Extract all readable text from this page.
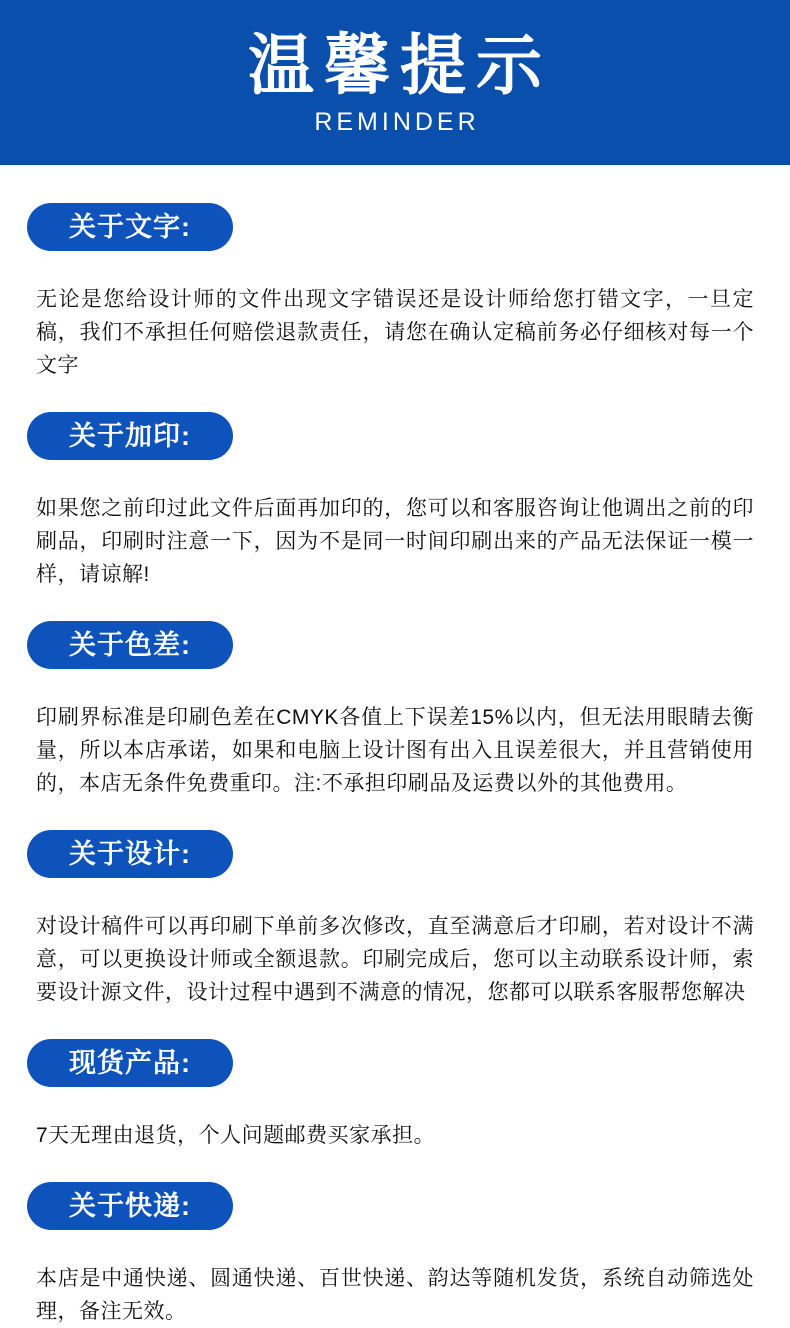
温馨提示
REMINDER
关于文字:

无论是您给设计师的文件出现文字错误还是设计师给您打错文字，一旦定稿，我们不承担任何赔偿退款责任，请您在确认定稿前务必仔细核对每一个文字

关于加印:

如果您之前印过此文件后面再加印的，您可以和客服咨询让他调出之前的印刷品，印刷时注意一下，因为不是同一时间印刷出来的产品无法保证一模一样，请谅解!

关于色差:

印刷界标准是印刷色差在CMYK各值上下误差15%以内，但无法用眼睛去衡量，所以本店承诺，如果和电脑上设计图有出入且误差很大，并且营销使用的，本店无条件免费重印。注:不承担印刷品及运费以外的其他费用。

关于设计:

对设计稿件可以再印刷下单前多次修改，直至满意后才印刷，若对设计不满意，可以更换设计师或全额退款。印刷完成后，您可以主动联系设计师，索要设计源文件，设计过程中遇到不满意的情况，您都可以联系客服帮您解决

现货产品:

7天无理由退货，个人问题邮费买家承担。

关于快递:

本店是中通快递、圆通快递、百世快递、韵达等随机发货，系统自动筛选处理，备注无效。
